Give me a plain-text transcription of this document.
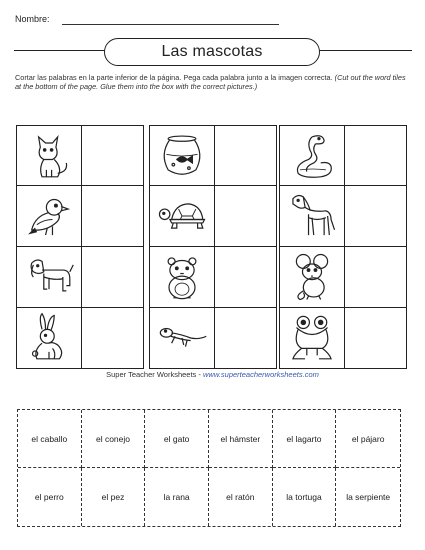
Nombre:
Las mascotas
Cortar las palabras en la parte inferior de la página. Pega cada palabra junto a la imagen correcta. (Cut out the word tiles at the bottom of the page. Glue them into the box with the correct pictures.)
Super Teacher Worksheets - www.superteacherworksheets.com
el caballo	el conejo	el gato	el hámster	el lagarto	el pájaro
el perro	el pez	la rana	el ratón	la tortuga	la serpiente
